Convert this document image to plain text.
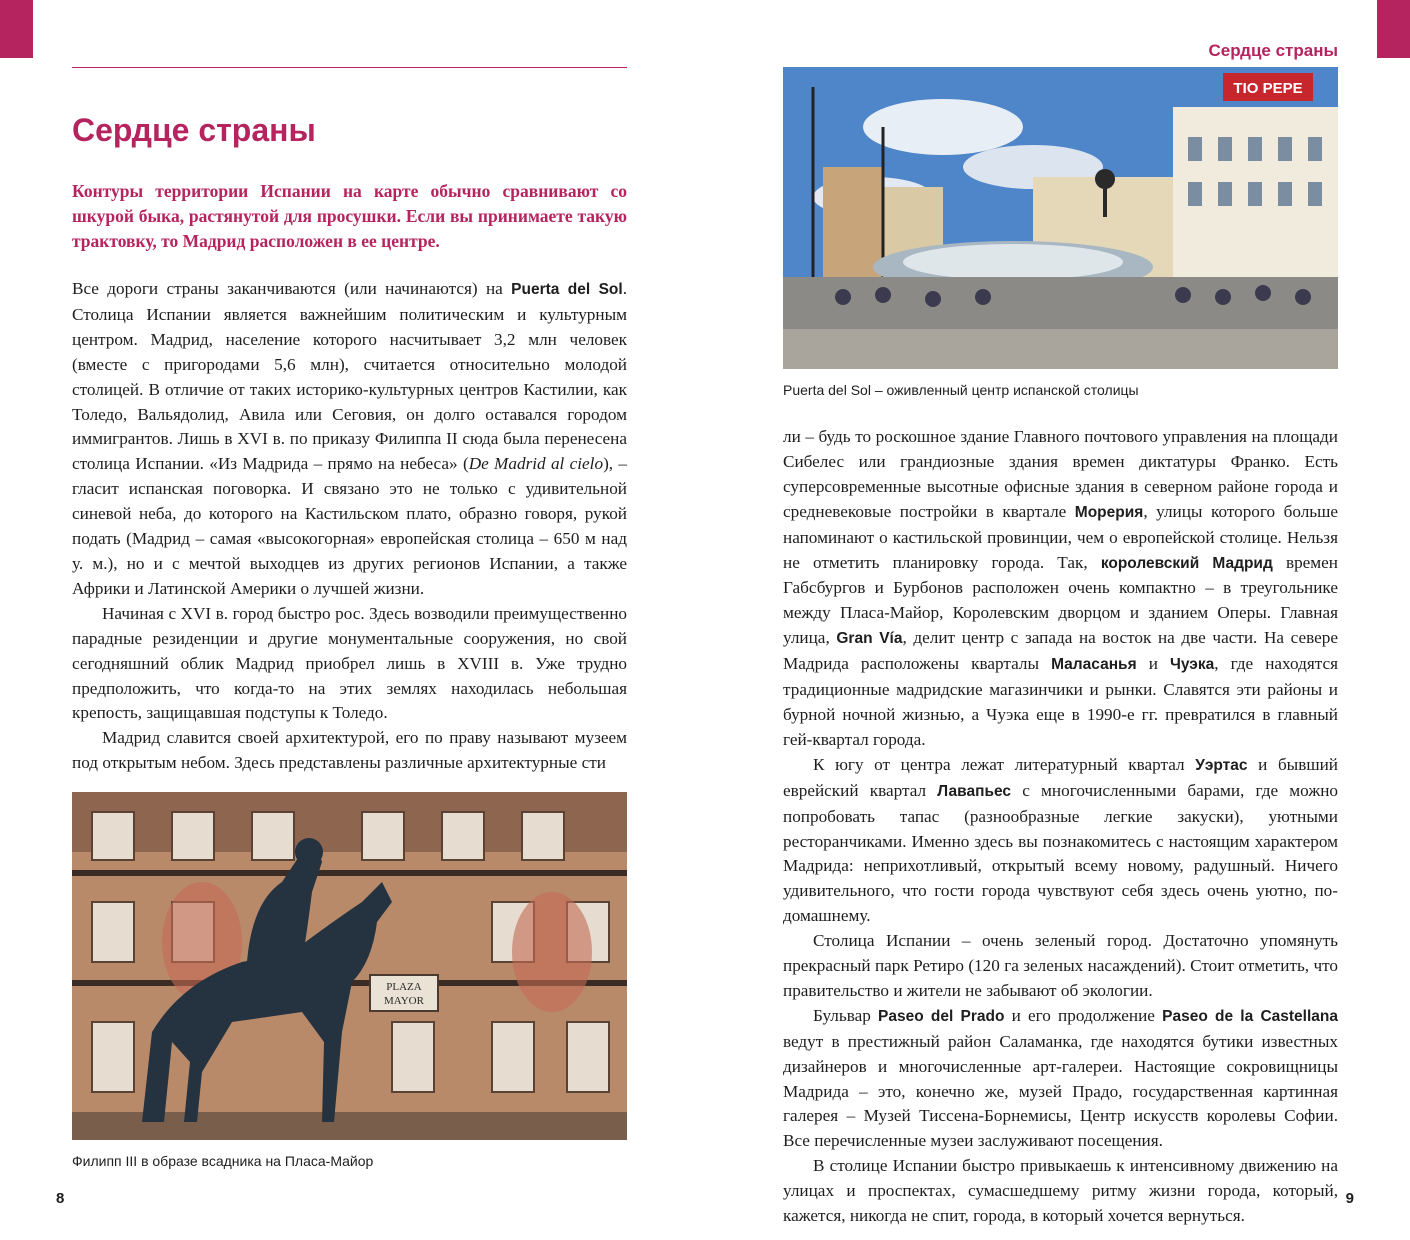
Сердце страны
Сердце страны

Контуры территории Испании на карте обычно сравнивают со шкурой быка, растянутой для просушки. Если вы принимаете такую трактовку, то Мадрид расположен в ее центре.

Все дороги страны заканчиваются (или начинаются) на Puerta del Sol. Столица Испании является важнейшим политическим и культурным центром. Мадрид, население которого насчитывает 3,2 млн человек (вместе с пригородами 5,6 млн), считается относительно молодой столицей. В отличие от таких историко-культурных центров Кастилии, как Толедо, Вальядолид, Авила или Сеговия, он долго оставался городом иммигрантов. Лишь в XVI в. по приказу Филиппа II сюда была перенесена столица Испании. «Из Мадрида – прямо на небеса» (De Madrid al cielo), – гласит испанская поговорка. И связано это не только с удивительной синевой неба, до которого на Кастильском плато, образно говоря, рукой подать (Мадрид – самая «высокогорная» европейская столица – 650 м над у. м.), но и с мечтой выходцев из других регионов Испании, а также Африки и Латинской Америки о лучшей жизни.

Начиная с XVI в. город быстро рос. Здесь возводили преимущественно парадные резиденции и другие монументальные сооружения, но свой сегодняшний облик Мадрид приобрел лишь в XVIII в. Уже трудно предположить, что когда-то на этих землях находилась небольшая крепость, защищавшая подступы к Толедо.

Мадрид славится своей архитектурой, его по праву называют музеем под открытым небом. Здесь представлены различные архитектурные сти

PLAZA
MAYOR
Филипп III в образе всадника на Пласа-Майор
TIO PEPE
Puerta del Sol – оживленный центр испанской столицы

ли – будь то роскошное здание Главного почтового управления на площади Сибелес или грандиозные здания времен диктатуры Франко. Есть суперсовременные высотные офисные здания в северном районе города и средневековые постройки в квартале Морерия, улицы которого больше напоминают о кастильской провинции, чем о европейской столице. Нельзя не отметить планировку города. Так, королевский Мадрид времен Габсбургов и Бурбонов расположен очень компактно – в треугольнике между Пласа-Майор, Королевским дворцом и зданием Оперы. Главная улица, Gran Vía, делит центр с запада на восток на две части. На севере Мадрида расположены кварталы Маласанья и Чуэка, где находятся традиционные мадридские магазинчики и рынки. Славятся эти районы и бурной ночной жизнью, а Чуэка еще в 1990-е гг. превратился в главный гей-квартал города.

К югу от центра лежат литературный квартал Уэртас и бывший еврейский квартал Лавапьес с многочисленными барами, где можно попробовать тапас (разнообразные легкие закуски), уютными ресторанчиками. Именно здесь вы познакомитесь с настоящим характером Мадрида: неприхотливый, открытый всему новому, радушный. Ничего удивительного, что гости города чувствуют себя здесь очень уютно, по-домашнему.

Столица Испании – очень зеленый город. Достаточно упомянуть прекрасный парк Ретиро (120 га зеленых насаждений). Стоит отметить, что правительство и жители не забывают об экологии.

Бульвар Paseo del Prado и его продолжение Paseo de la Castellana ведут в престижный район Саламанка, где находятся бутики известных дизайнеров и многочисленные арт-галереи. Настоящие сокровищницы Мадрида – это, конечно же, музей Прадо, государственная картинная галерея – Музей Тиссена-Борнемисы, Центр искусств королевы Софии. Все перечисленные музеи заслуживают посещения.

В столице Испании быстро привыкаешь к интенсивному движению на улицах и проспектах, сумасшедшему ритму жизни города, который, кажется, никогда не спит, города, в который хочется вернуться.

8	9
